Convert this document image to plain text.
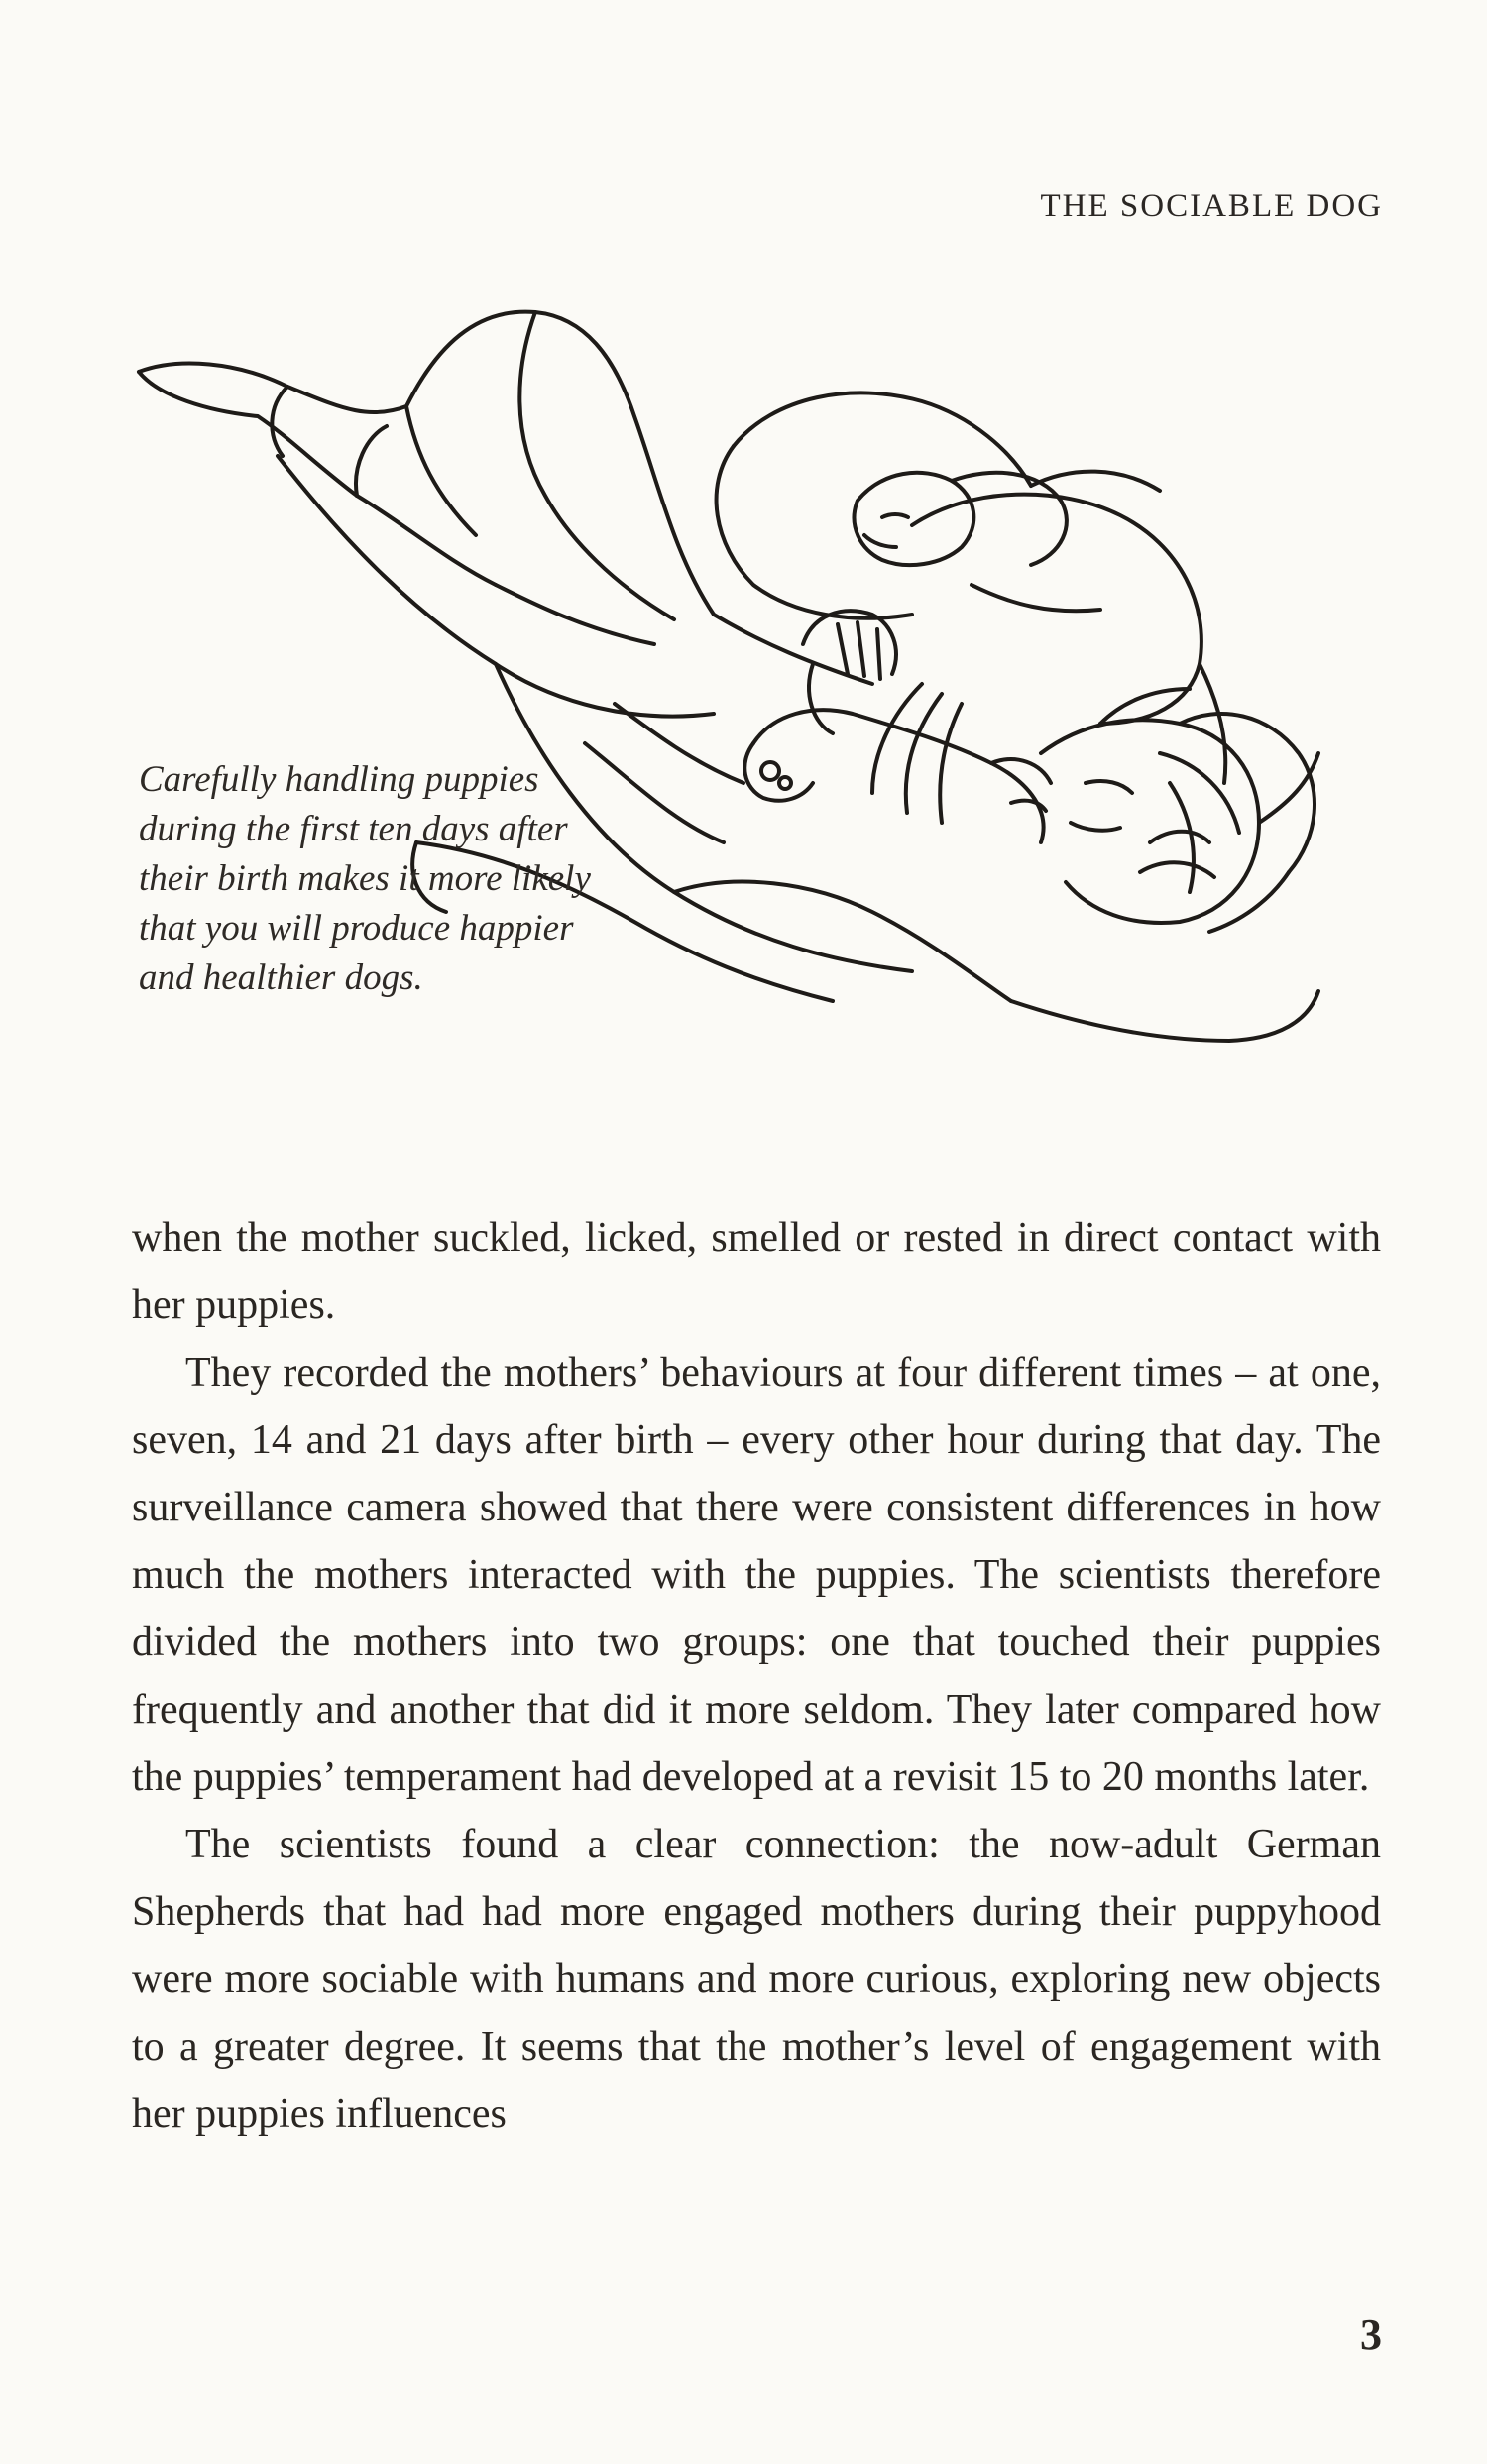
THE SOCIABLE DOG
Carefully handling puppies during the first ten days after their birth makes it more likely that you will produce happier and healthier dogs.

when the mother suckled, licked, smelled or rested in direct contact with her puppies.

They recorded the mothers’ behaviours at four different times – at one, seven, 14 and 21 days after birth – every other hour during that day. The surveillance camera showed that there were consistent differences in how much the mothers interacted with the puppies. The scientists therefore divided the mothers into two groups: one that touched their puppies frequently and another that did it more seldom. They later compared how the puppies’ temperament had developed at a revisit 15 to 20 months later.

The scientists found a clear connection: the now-adult German Shepherds that had had more engaged mothers during their puppyhood were more sociable with humans and more curious, exploring new objects to a greater degree. It seems that the mother’s level of engagement with her puppies influences

3
